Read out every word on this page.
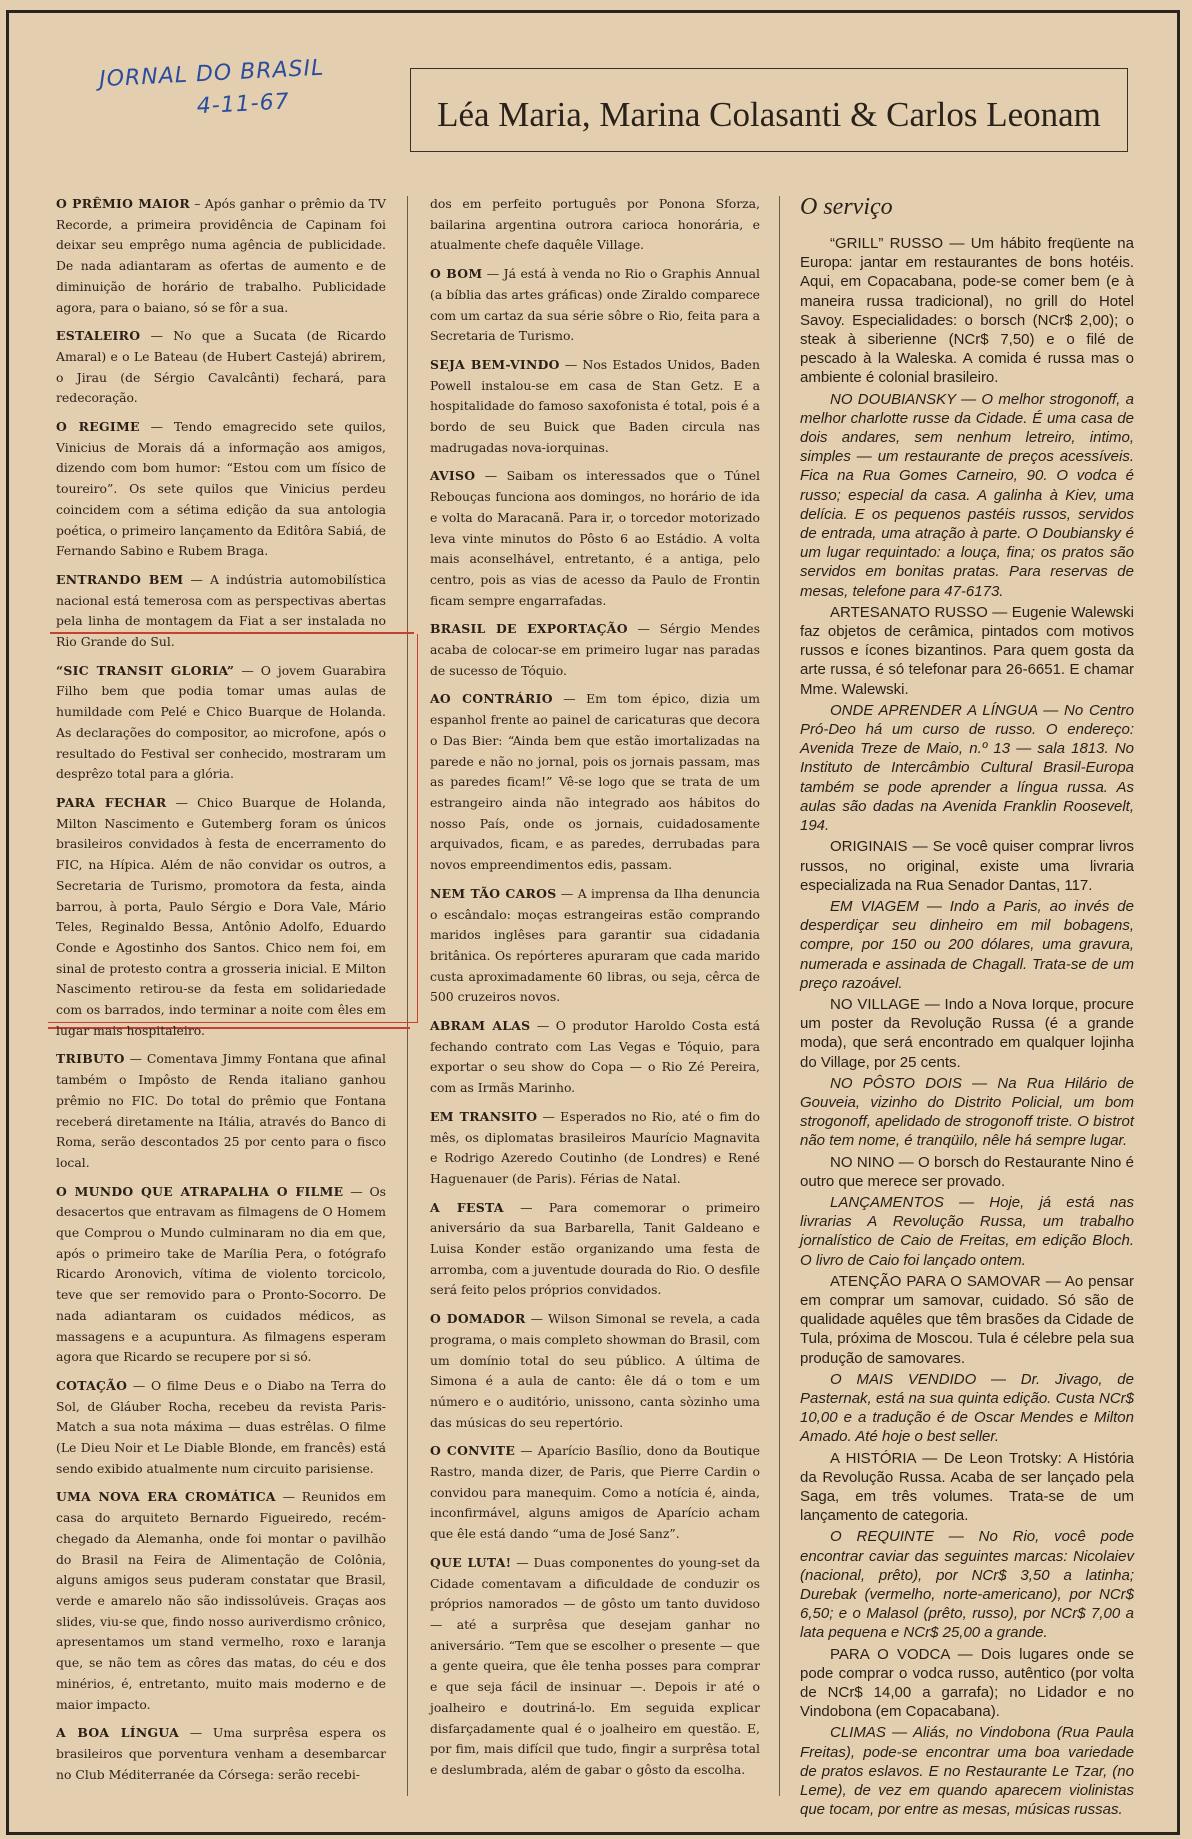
JORNAL DO BRASIL
4-11-67	Léa Maria, Marina Colasanti & Carlos Leonam
O PRÊMIO MAIOR – Após ganhar o prêmio da TV Recorde, a primeira providência de Capinam foi deixar seu emprêgo numa agência de publicidade. De nada adiantaram as ofertas de aumento e de diminuição de horário de trabalho. Publicidade agora, para o baiano, só se fôr a sua.
ESTALEIRO — No que a Sucata (de Ricardo Amaral) e o Le Bateau (de Hubert Castejá) abrirem, o Jirau (de Sérgio Cavalcânti) fechará, para redecoração.
O REGIME — Tendo emagrecido sete quilos, Vinicius de Morais dá a informação aos amigos, dizendo com bom humor: “Estou com um físico de toureiro”. Os sete quilos que Vinicius perdeu coincidem com a sétima edição da sua antologia poética, o primeiro lançamento da Editôra Sabiá, de Fernando Sabino e Rubem Braga.
ENTRANDO BEM — A indústria automobilística nacional está temerosa com as perspectivas abertas pela linha de montagem da Fiat a ser instalada no Rio Grande do Sul.
“SIC TRANSIT GLORIA” — O jovem Guarabira Filho bem que podia tomar umas aulas de humildade com Pelé e Chico Buarque de Holanda. As declarações do compositor, ao microfone, após o resultado do Festival ser conhecido, mostraram um desprêzo total para a glória.
PARA FECHAR — Chico Buarque de Holanda, Milton Nascimento e Gutemberg foram os únicos brasileiros convidados à festa de encerramento do FIC, na Hípica. Além de não convidar os outros, a Secretaria de Turismo, promotora da festa, ainda barrou, à porta, Paulo Sérgio e Dora Vale, Mário Teles, Reginaldo Bessa, Antônio Adolfo, Eduardo Conde e Agostinho dos Santos. Chico nem foi, em sinal de protesto contra a grosseria inicial. E Milton Nascimento retirou-se da festa em solidariedade com os barrados, indo terminar a noite com êles em lugar mais hospitaleiro.
TRIBUTO — Comentava Jimmy Fontana que afinal também o Impôsto de Renda italiano ganhou prêmio no FIC. Do total do prêmio que Fontana receberá diretamente na Itália, através do Banco di Roma, serão descontados 25 por cento para o fisco local.
O MUNDO QUE ATRAPALHA O FILME — Os desacertos que entravam as filmagens de O Homem que Comprou o Mundo culminaram no dia em que, após o primeiro take de Marília Pera, o fotógrafo Ricardo Aronovich, vítima de violento torcicolo, teve que ser removido para o Pronto-Socorro. De nada adiantaram os cuidados médicos, as massagens e a acupuntura. As filmagens esperam agora que Ricardo se recupere por si só.
COTAÇÃO — O filme Deus e o Diabo na Terra do Sol, de Gláuber Rocha, recebeu da revista Paris-Match a sua nota máxima — duas estrêlas. O filme (Le Dieu Noir et Le Diable Blonde, em francês) está sendo exibido atualmente num circuito parisiense.
UMA NOVA ERA CROMÁTICA — Reunidos em casa do arquiteto Bernardo Figueiredo, recém-chegado da Alemanha, onde foi montar o pavilhão do Brasil na Feira de Alimentação de Colônia, alguns amigos seus puderam constatar que Brasil, verde e amarelo não são indissolúveis. Graças aos slides, viu-se que, findo nosso auriverdismo crônico, apresentamos um stand vermelho, roxo e laranja que, se não tem as côres das matas, do céu e dos minérios, é, entretanto, muito mais moderno e de maior impacto.
A BOA LÍNGUA — Uma surprêsa espera os brasileiros que porventura venham a desembarcar no Club Méditerranée da Córsega: serão recebi-
dos em perfeito português por Ponona Sforza, bailarina argentina outrora carioca honorária, e atualmente chefe daquêle Village.
O BOM — Já está à venda no Rio o Graphis Annual (a bíblia das artes gráficas) onde Ziraldo comparece com um cartaz da sua série sôbre o Rio, feita para a Secretaria de Turismo.
SEJA BEM-VINDO — Nos Estados Unidos, Baden Powell instalou-se em casa de Stan Getz. E a hospitalidade do famoso saxofonista é total, pois é a bordo de seu Buick que Baden circula nas madrugadas nova-iorquinas.
AVISO — Saibam os interessados que o Túnel Rebouças funciona aos domingos, no horário de ida e volta do Maracanã. Para ir, o torcedor motorizado leva vinte minutos do Pôsto 6 ao Estádio. A volta mais aconselhável, entretanto, é a antiga, pelo centro, pois as vias de acesso da Paulo de Frontin ficam sempre engarrafadas.
BRASIL DE EXPORTAÇÃO — Sérgio Mendes acaba de colocar-se em primeiro lugar nas paradas de sucesso de Tóquio.
AO CONTRÁRIO — Em tom épico, dizia um espanhol frente ao painel de caricaturas que decora o Das Bier: “Ainda bem que estão imortalizadas na parede e não no jornal, pois os jornais passam, mas as paredes ficam!” Vê-se logo que se trata de um estrangeiro ainda não integrado aos hábitos do nosso País, onde os jornais, cuidadosamente arquivados, ficam, e as paredes, derrubadas para novos empreendimentos edis, passam.
NEM TÃO CAROS — A imprensa da Ilha denuncia o escândalo: moças estrangeiras estão comprando maridos inglêses para garantir sua cidadania britânica. Os repórteres apuraram que cada marido custa aproximadamente 60 libras, ou seja, cêrca de 500 cruzeiros novos.
ABRAM ALAS — O produtor Haroldo Costa está fechando contrato com Las Vegas e Tóquio, para exportar o seu show do Copa — o Rio Zé Pereira, com as Irmãs Marinho.
EM TRANSITO — Esperados no Rio, até o fim do mês, os diplomatas brasileiros Maurício Magnavita e Rodrigo Azeredo Coutinho (de Londres) e René Haguenauer (de Paris). Férias de Natal.
A FESTA — Para comemorar o primeiro aniversário da sua Barbarella, Tanit Galdeano e Luisa Konder estão organizando uma festa de arromba, com a juventude dourada do Rio. O desfile será feito pelos próprios convidados.
O DOMADOR — Wilson Simonal se revela, a cada programa, o mais completo showman do Brasil, com um domínio total do seu público. A última de Simona é a aula de canto: êle dá o tom e um número e o auditório, unissono, canta sòzinho uma das músicas do seu repertório.
O CONVITE — Aparício Basílio, dono da Boutique Rastro, manda dizer, de Paris, que Pierre Cardin o convidou para manequim. Como a notícia é, ainda, inconfirmável, alguns amigos de Aparício acham que êle está dando “uma de José Sanz”.
QUE LUTA! — Duas componentes do young-set da Cidade comentavam a dificuldade de conduzir os próprios namorados — de gôsto um tanto duvidoso — até a surprêsa que desejam ganhar no aniversário. “Tem que se escolher o presente — que a gente queira, que êle tenha posses para comprar e que seja fácil de insinuar —. Depois ir até o joalheiro e doutriná-lo. Em seguida explicar disfarçadamente qual é o joalheiro em questão. E, por fim, mais difícil que tudo, fingir a surprêsa total e deslumbrada, além de gabar o gôsto da escolha.
O serviço
“GRILL” RUSSO — Um hábito freqüente na Europa: jantar em restaurantes de bons hotéis. Aqui, em Copacabana, pode-se comer bem (e à maneira russa tradicional), no grill do Hotel Savoy. Especialidades: o borsch (NCr$ 2,00); o steak à siberienne (NCr$ 7,50) e o filé de pescado à la Waleska. A comida é russa mas o ambiente é colonial brasileiro.
NO DOUBIANSKY — O melhor strogonoff, a melhor charlotte russe da Cidade. É uma casa de dois andares, sem nenhum letreiro, intimo, simples — um restaurante de preços acessíveis. Fica na Rua Gomes Carneiro, 90. O vodca é russo; especial da casa. A galinha à Kiev, uma delícia. E os pequenos pastéis russos, servidos de entrada, uma atração à parte. O Doubiansky é um lugar requintado: a louça, fina; os pratos são servidos em bonitas pratas. Para reservas de mesas, telefone para 47-6173.
ARTESANATO RUSSO — Eugenie Walewski faz objetos de cerâmica, pintados com motivos russos e ícones bizantinos. Para quem gosta da arte russa, é só telefonar para 26-6651. E chamar Mme. Walewski.
ONDE APRENDER A LÍNGUA — No Centro Pró-Deo há um curso de russo. O endereço: Avenida Treze de Maio, n.º 13 — sala 1813. No Instituto de Intercâmbio Cultural Brasil-Europa também se pode aprender a língua russa. As aulas são dadas na Avenida Franklin Roosevelt, 194.
ORIGINAIS — Se você quiser comprar livros russos, no original, existe uma livraria especializada na Rua Senador Dantas, 117.
EM VIAGEM — Indo a Paris, ao invés de desperdiçar seu dinheiro em mil bobagens, compre, por 150 ou 200 dólares, uma gravura, numerada e assinada de Chagall. Trata-se de um preço razoável.
NO VILLAGE — Indo a Nova Iorque, procure um poster da Revolução Russa (é a grande moda), que será encontrado em qualquer lojinha do Village, por 25 cents.
NO PÔSTO DOIS — Na Rua Hilário de Gouveia, vizinho do Distrito Policial, um bom strogonoff, apelidado de strogonoff triste. O bistrot não tem nome, é tranqüilo, nêle há sempre lugar.
NO NINO — O borsch do Restaurante Nino é outro que merece ser provado.
LANÇAMENTOS — Hoje, já está nas livrarias A Revolução Russa, um trabalho jornalístico de Caio de Freitas, em edição Bloch. O livro de Caio foi lançado ontem.
ATENÇÃO PARA O SAMOVAR — Ao pensar em comprar um samovar, cuidado. Só são de qualidade aquêles que têm brasões da Cidade de Tula, próxima de Moscou. Tula é célebre pela sua produção de samovares.
O MAIS VENDIDO — Dr. Jivago, de Pasternak, está na sua quinta edição. Custa NCr$ 10,00 e a tradução é de Oscar Mendes e Milton Amado. Até hoje o best seller.
A HISTÓRIA — De Leon Trotsky: A História da Revolução Russa. Acaba de ser lançado pela Saga, em três volumes. Trata-se de um lançamento de categoria.
O REQUINTE — No Rio, você pode encontrar caviar das seguintes marcas: Nicolaiev (nacional, prêto), por NCr$ 3,50 a latinha; Durebak (vermelho, norte-americano), por NCr$ 6,50; e o Malasol (prêto, russo), por NCr$ 7,00 a lata pequena e NCr$ 25,00 a grande.
PARA O VODCA — Dois lugares onde se pode comprar o vodca russo, autêntico (por volta de NCr$ 14,00 a garrafa); no Lidador e no Vindobona (em Copacabana).
CLIMAS — Aliás, no Vindobona (Rua Paula Freitas), pode-se encontrar uma boa variedade de pratos eslavos. E no Restaurante Le Tzar, (no Leme), de vez em quando aparecem violinistas que tocam, por entre as mesas, músicas russas.
